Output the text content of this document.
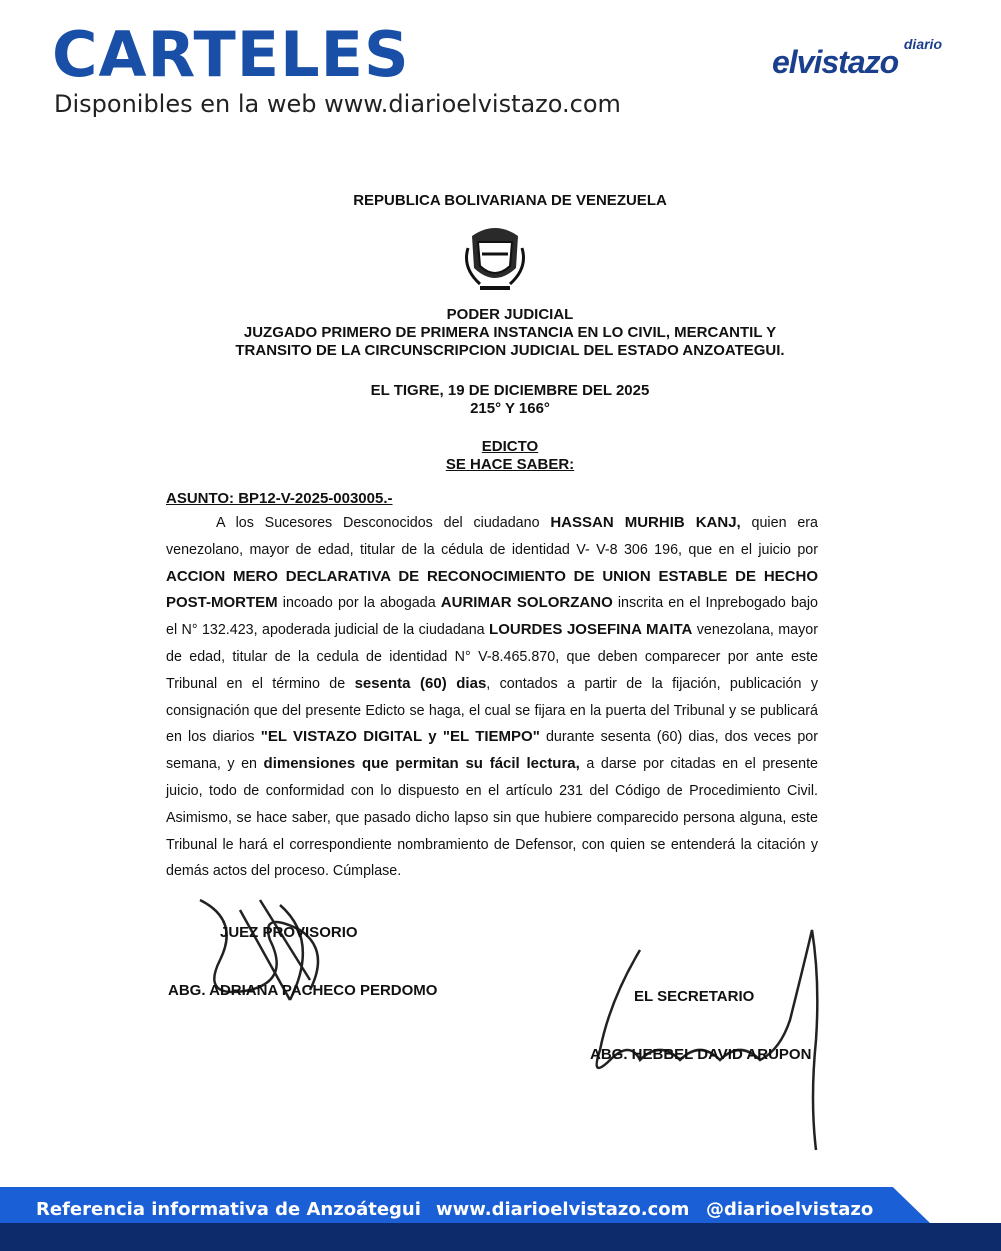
CARTELES
Disponibles en la web www.diarioelvistazo.com
diario
elvistazo
REPUBLICA BOLIVARIANA DE VENEZUELA
PODER JUDICIAL
JUZGADO PRIMERO DE PRIMERA INSTANCIA EN LO CIVIL, MERCANTIL Y
TRANSITO DE LA CIRCUNSCRIPCION JUDICIAL DEL ESTADO ANZOATEGUI.
EL TIGRE, 19 DE DICIEMBRE DEL 2025
215° Y 166°
EDICTO
SE HACE SABER:
ASUNTO: BP12-V-2025-003005.-
A los Sucesores Desconocidos del ciudadano HASSAN MURHIB KANJ, quien era venezolano, mayor de edad, titular de la cédula de identidad V- V-8 306 196, que en el juicio por ACCION MERO DECLARATIVA DE RECONOCIMIENTO DE UNION ESTABLE DE HECHO POST-MORTEM incoado por la abogada AURIMAR SOLORZANO inscrita en el Inprebogado bajo el N° 132.423, apoderada judicial de la ciudadana LOURDES JOSEFINA MAITA venezolana, mayor de edad, titular de la cedula de identidad N° V-8.465.870, que deben comparecer por ante este Tribunal en el término de sesenta (60) dias, contados a partir de la fijación, publicación y consignación que del presente Edicto se haga, el cual se fijara en la puerta del Tribunal y se publicará en los diarios "EL VISTAZO DIGITAL y "EL TIEMPO" durante sesenta (60) dias, dos veces por semana, y en dimensiones que permitan su fácil lectura, a darse por citadas en el presente juicio, todo de conformidad con lo dispuesto en el artículo 231 del Código de Procedimiento Civil. Asimismo, se hace saber, que pasado dicho lapso sin que hubiere comparecido persona alguna, este Tribunal le hará el correspondiente nombramiento de Defensor, con quien se entenderá la citación y demás actos del proceso. Cúmplase.
JUEZ PROVISORIO
ABG. ADRIANA PACHECO PERDOMO	EL SECRETARIO
ABG. HEBBEL DAVID ARUPON
Referencia informativa de Anzoátegui www.diarioelvistazo.com @diarioelvistazo
